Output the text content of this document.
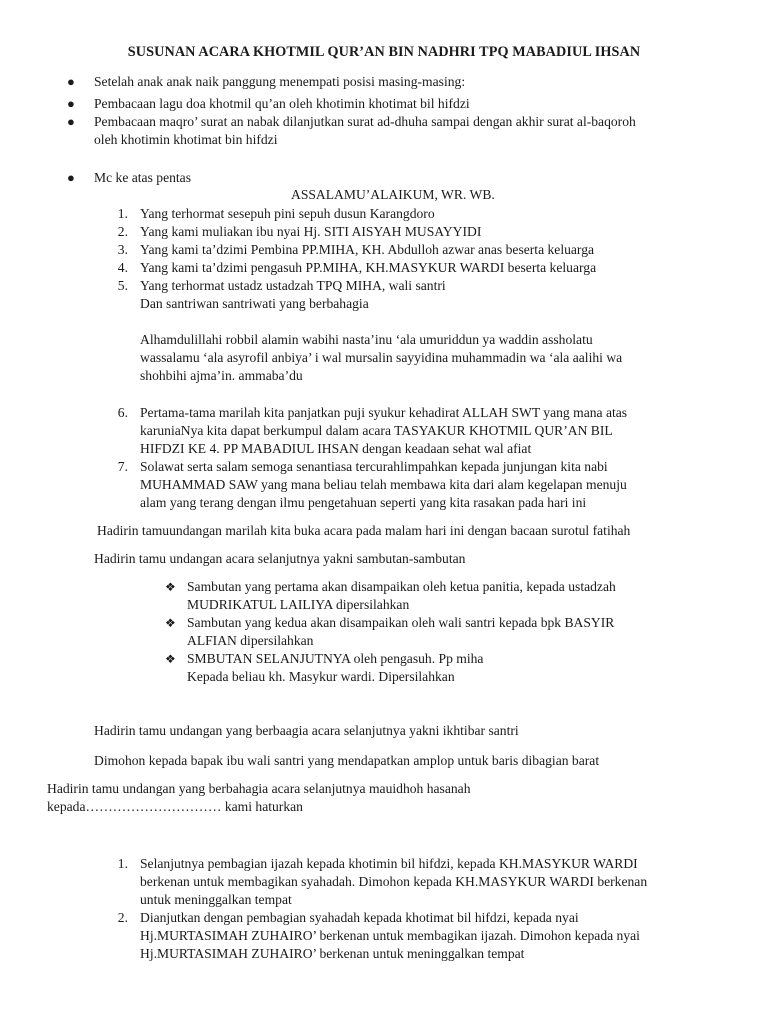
SUSUNAN ACARA KHOTMIL QUR’AN BIN NADHRI TPQ MABADIUL IHSAN
● Setelah anak anak naik panggung menempati posisi masing-masing:
● Pembacaan lagu doa khotmil qu’an oleh khotimin khotimat bil hifdzi
● Pembacaan maqro’ surat an nabak dilanjutkan surat ad-dhuha sampai dengan akhir surat al-baqoroh
oleh khotimin khotimat bin hifdzi
● Mc ke atas pentas
ASSALAMU’ALAIKUM, WR. WB.
1. Yang terhormat sesepuh pini sepuh dusun Karangdoro
2. Yang kami muliakan ibu nyai Hj. SITI AISYAH MUSAYYIDI
3. Yang kami ta’dzimi Pembina PP.MIHA, KH. Abdulloh azwar anas beserta keluarga
4. Yang kami ta’dzimi pengasuh PP.MIHA, KH.MASYKUR WARDI beserta keluarga
5. Yang terhormat ustadz ustadzah TPQ MIHA, wali santri
Dan santriwan santriwati yang berbahagia
Alhamdulillahi robbil alamin wabihi nasta’inu ‘ala umuriddun ya waddin assholatu
wassalamu ‘ala asyrofil anbiya’ i wal mursalin sayyidina muhammadin wa ‘ala aalihi wa
shohbihi ajma’in. ammaba’du
6. Pertama-tama marilah kita panjatkan puji syukur kehadirat ALLAH SWT yang mana atas
karuniaNya kita dapat berkumpul dalam acara TASYAKUR KHOTMIL QUR’AN BIL
HIFDZI KE 4. PP MABADIUL IHSAN dengan keadaan sehat wal afiat
7. Solawat serta salam semoga senantiasa tercurahlimpahkan kepada junjungan kita nabi
MUHAMMAD SAW yang mana beliau telah membawa kita dari alam kegelapan menuju
alam yang terang dengan ilmu pengetahuan seperti yang kita rasakan pada hari ini
Hadirin tamuundangan marilah kita buka acara pada malam hari ini dengan bacaan surotul fatihah
Hadirin tamu undangan acara selanjutnya yakni sambutan-sambutan
❖ Sambutan yang pertama akan disampaikan oleh ketua panitia, kepada ustadzah
MUDRIKATUL LAILIYA dipersilahkan
❖ Sambutan yang kedua akan disampaikan oleh wali santri kepada bpk BASYIR
ALFIAN dipersilahkan
❖ SMBUTAN SELANJUTNYA oleh pengasuh. Pp miha
Kepada beliau kh. Masykur wardi. Dipersilahkan
Hadirin tamu undangan yang berbaagia acara selanjutnya yakni ikhtibar santri
Dimohon kepada bapak ibu wali santri yang mendapatkan amplop untuk baris dibagian barat
Hadirin tamu undangan yang berbahagia acara selanjutnya mauidhoh hasanah
kepada………………………… kami haturkan
1. Selanjutnya pembagian ijazah kepada khotimin bil hifdzi, kepada KH.MASYKUR WARDI
berkenan untuk membagikan syahadah. Dimohon kepada KH.MASYKUR WARDI berkenan
untuk meninggalkan tempat
2. Dianjutkan dengan pembagian syahadah kepada khotimat bil hifdzi, kepada nyai
Hj.MURTASIMAH ZUHAIRO’ berkenan untuk membagikan ijazah. Dimohon kepada nyai
Hj.MURTASIMAH ZUHAIRO’ berkenan untuk meninggalkan tempat
